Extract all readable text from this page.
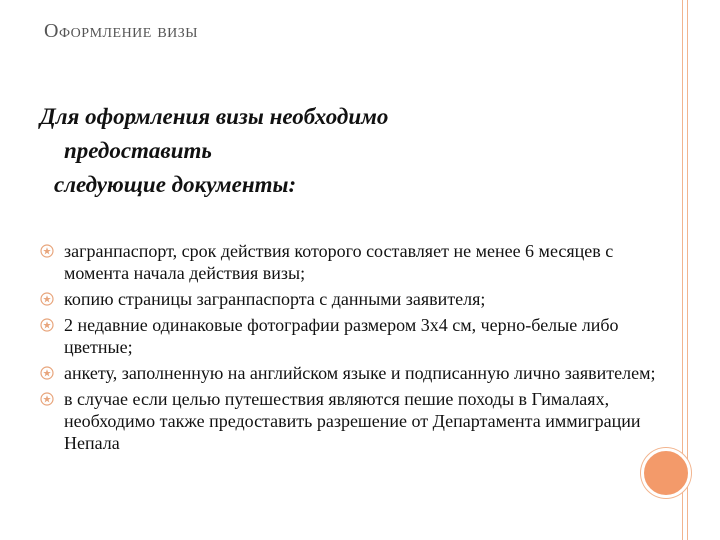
Оформление визы
Для оформления визы необходимо
предоставить
следующие документы:
загранпаспорт, срок действия которого составляет не менее 6 месяцев с момента начала действия визы;
копию страницы загранпаспорта с данными заявителя;
2 недавние одинаковые фотографии размером 3х4 см, черно-белые либо цветные;
анкету, заполненную на английском языке и подписанную лично заявителем;
в случае если целью путешествия являются пешие походы в Гималаях, необходимо также предоставить разрешение от Департамента иммиграции Непала
